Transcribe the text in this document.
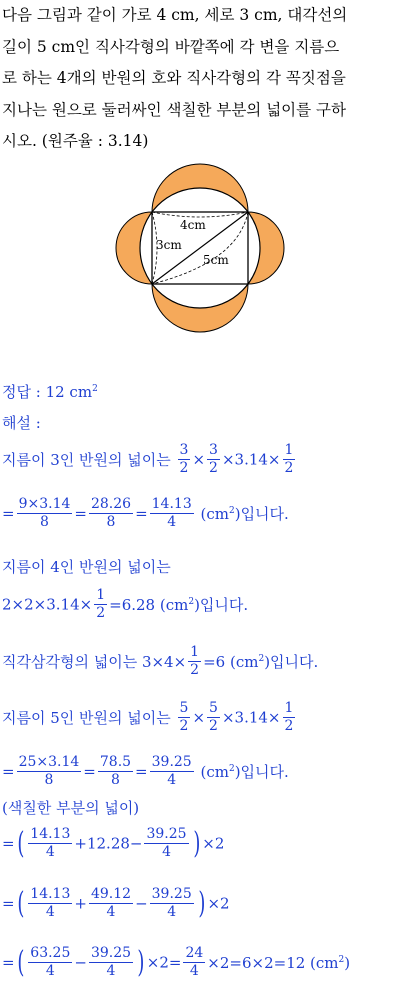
다음 그림과 같이 가로 4 cm, 세로 3 cm, 대각선의
길이 5 cm인 직사각형의 바깥쪽에 각 변을 지름으
로 하는 4개의 반원의 호와 직사각형의 각 꼭짓점을
지나는 원으로 둘러싸인 색칠한 부분의 넓이를 구하
시오. (원주율 : 3.14)
4cm
3cm
5cm
정답 : 12 $cm^2$
해설 :
지름이 3인 반원의 넓이는 $\frac{3}{2} \times \frac{3}{2} \times 3.14\times \frac{1}{2}$
= $\frac{9\times 3.14}{8} = \frac{28.26}{8} = \frac{14.13}{4} (cm^2)$입니다.
지름이 4인 반원의 넓이는
$2\times 2\times 3.14\times \frac{1}{2} =6.28$ $(cm^2)$입니다.
직각삼각형의 넓이는 $3\times 4\times \frac{1}{2} =6$ $(cm^2)$입니다.
지름이 5인 반원의 넓이는 $\frac{5}{2} \times \frac{5}{2} \times 3.14\times \frac{1}{2}$
= $\frac{25\times 3.14}{8} = \frac{78.5}{8} = \frac{39.25}{4} (cm^2)$입니다.
(색칠한 부분의 넓이)
=( $\frac{14.13}{4} +12.28- \frac{39.25}{4}$ ) ×2
=( $\frac{14.13}{4} + \frac{49.12}{4} - \frac{39.25}{4}$ ) ×2
=( $\frac{63.25}{4} - \frac{39.25}{4}$ ) $\times 2= \frac{24}{4} \times 2=6\times 2=12$ $(cm^2)$
